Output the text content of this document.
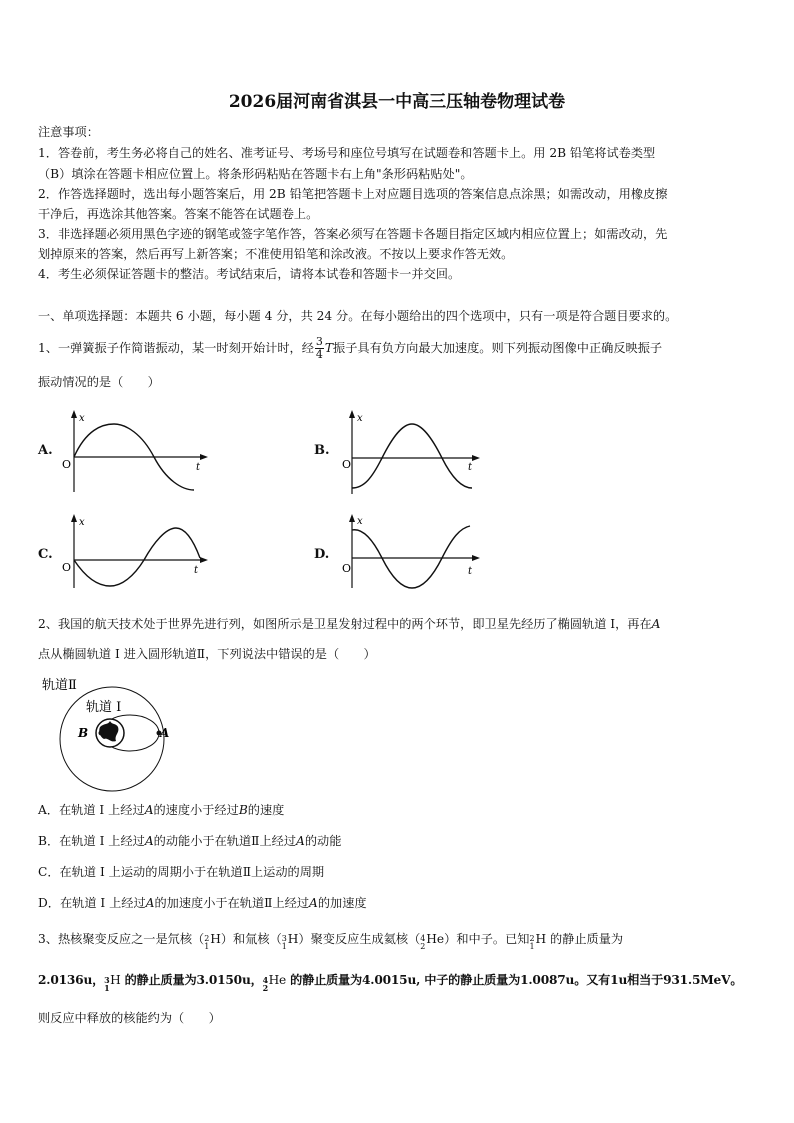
2026届河南省淇县一中高三压轴卷物理试卷
注意事项：
1．答卷前，考生务必将自己的姓名、准考证号、考场号和座位号填写在试题卷和答题卡上。用 2B 铅笔将试卷类型
（B）填涂在答题卡相应位置上。将条形码粘贴在答题卡右上角"条形码粘贴处"。
2．作答选择题时，选出每小题答案后，用 2B 铅笔把答题卡上对应题目选项的答案信息点涂黑；如需改动，用橡皮擦
干净后，再选涂其他答案。答案不能答在试题卷上。
3．非选择题必须用黑色字迹的钢笔或签字笔作答，答案必须写在答题卡各题目指定区域内相应位置上；如需改动，先
划掉原来的答案，然后再写上新答案；不准使用铅笔和涂改液。不按以上要求作答无效。
4．考生必须保证答题卡的整洁。考试结束后，请将本试卷和答题卡一并交回。
一、单项选择题：本题共 6 小题，每小题 4 分，共 24 分。在每小题给出的四个选项中，只有一项是符合题目要求的。
1、一弹簧振子作简谐振动，某一时刻开始计时，经 $\frac{3}{4}$ T振子具有负方向最大加速度。则下列振动图像中正确反映振子
振动情况的是（　　）
A.
x
O	t
B.
x
O	t
C.
x
O	t
D.
x
O	t
2、我国的航天技术处于世界先进行列，如图所示是卫星发射过程中的两个环节，即卫星先经历了椭圆轨道 I，再在A
点从椭圆轨道 I 进入圆形轨道Ⅱ，下列说法中错误的是（　　）
轨道Ⅱ
轨道 I
B	A
A．在轨道 I 上经过A的速度小于经过B的速度
B．在轨道 I 上经过A的动能小于在轨道Ⅱ上经过A的动能
C．在轨道 I 上运动的周期小于在轨道Ⅱ上运动的周期
D．在轨道 I 上经过A的加速度小于在轨道Ⅱ上经过A的加速度
3、热核聚变反应之一是氘核（ 2
1 H）和氚核（ 3
1 H）聚变反应生成氦核（ 4
2 He）和中子。已知 2
1 H 的静止质量为
2.0136u， 3
1
H 的静止质量为3.0150u， 4
2
He 的静止质量为4.0015u, 中子的静止质量为1.0087u。又有1u相当于931.5MeV。
则反应中释放的核能约为（　　）
